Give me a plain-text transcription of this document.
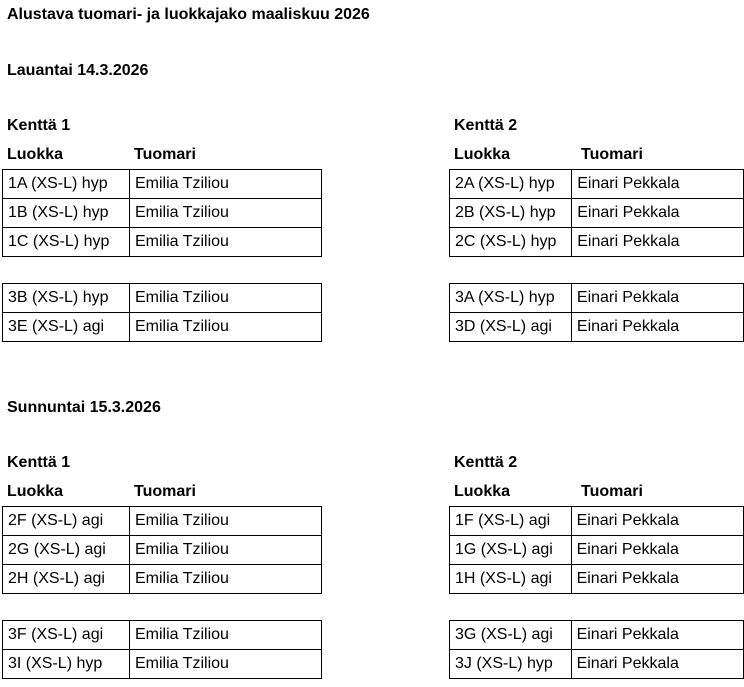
Alustava tuomari- ja luokkajako maaliskuu 2026
Lauantai 14.3.2026
Kenttä 1
Luokka	Tuomari
1A (XS-L) hyp	Emilia Tziliou
1B (XS-L) hyp	Emilia Tziliou
1C (XS-L) hyp	Emilia Tziliou
3B (XS-L) hyp	Emilia Tziliou
3E (XS-L) agi	Emilia Tziliou
Kenttä 2
Luokka	Tuomari
2A (XS-L) hyp	Einari Pekkala
2B (XS-L) hyp	Einari Pekkala
2C (XS-L) hyp	Einari Pekkala
3A (XS-L) hyp	Einari Pekkala
3D (XS-L) agi	Einari Pekkala
Sunnuntai 15.3.2026
Kenttä 1
Luokka	Tuomari
2F (XS-L) agi	Emilia Tziliou
2G (XS-L) agi	Emilia Tziliou
2H (XS-L) agi	Emilia Tziliou
3F (XS-L) agi	Emilia Tziliou
3I (XS-L) hyp	Emilia Tziliou
Kenttä 2
Luokka	Tuomari
1F (XS-L) agi	Einari Pekkala
1G (XS-L) agi	Einari Pekkala
1H (XS-L) agi	Einari Pekkala
3G (XS-L) agi	Einari Pekkala
3J (XS-L) hyp	Einari Pekkala
